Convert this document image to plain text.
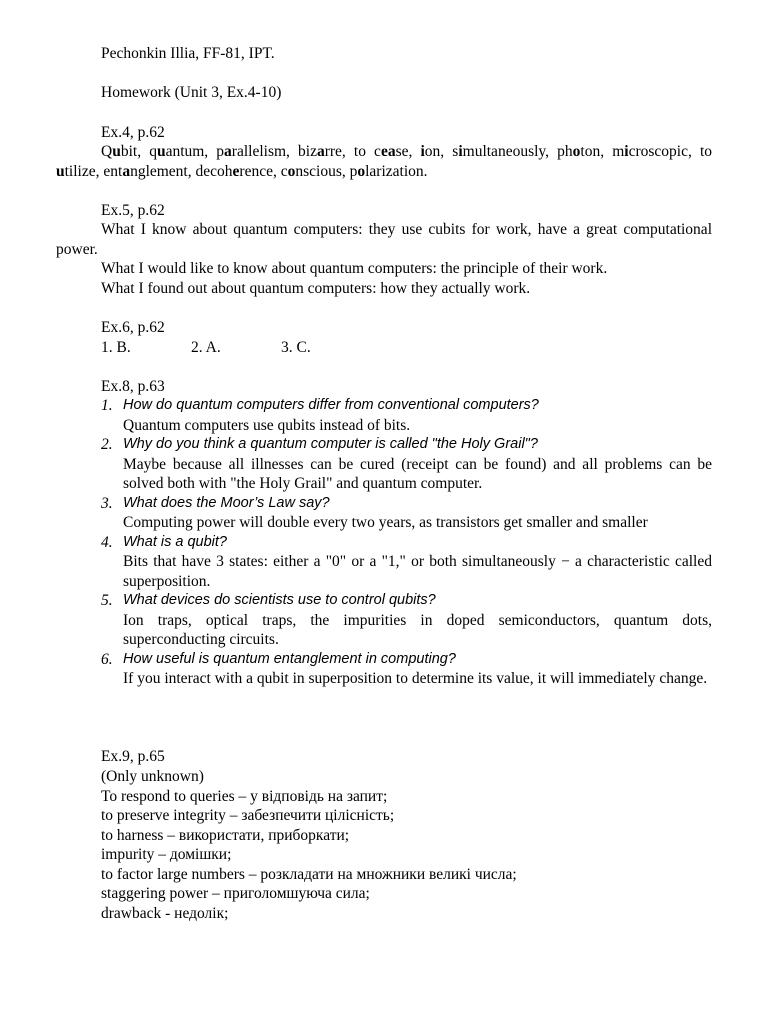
Pechonkin Illia, FF-81, IPT.
Homework (Unit 3, Ex.4-10)
Ex.4, p.62
Qubit, quantum, parallelism, bizarre, to cease, ion, simultaneously, photon, microscopic, to utilize, entanglement, decoherence, conscious, polarization.
Ex.5, p.62
What I know about quantum computers: they use cubits for work, have a great computational power.
What I would like to know about quantum computers: the principle of their work.
What I found out about quantum computers: how they actually work.
Ex.6, p.62
1. B.	2. A.	3. C.
Ex.8, p.63
1. How do quantum computers differ from conventional computers?
Quantum computers use qubits instead of bits.
2. Why do you think a quantum computer is called "the Holy Grail"?
Maybe because all illnesses can be cured (receipt can be found) and all problems can be solved both with "the Holy Grail" and quantum computer.
3. What does the Moor’s Law say?
Computing power will double every two years, as transistors get smaller and smaller
4. What is a qubit?
Bits that have 3 states: either a "0" or a "1," or both simultaneously − a characteristic called superposition.
5. What devices do scientists use to control qubits?
Ion traps, optical traps, the impurities in doped semiconductors, quantum dots, superconducting circuits.
6. How useful is quantum entanglement in computing?
If you interact with a qubit in superposition to determine its value, it will immediately change.
Ex.9, p.65
(Only unknown)
To respond to queries – у відповідь на запит;
to preserve integrity – забезпечити цілісність;
to harness – використати, приборкати;
impurity – домішки;
to factor large numbers – розкладати на множники великі числа;
staggering power – приголомшуюча сила;
drawback - недолік;
